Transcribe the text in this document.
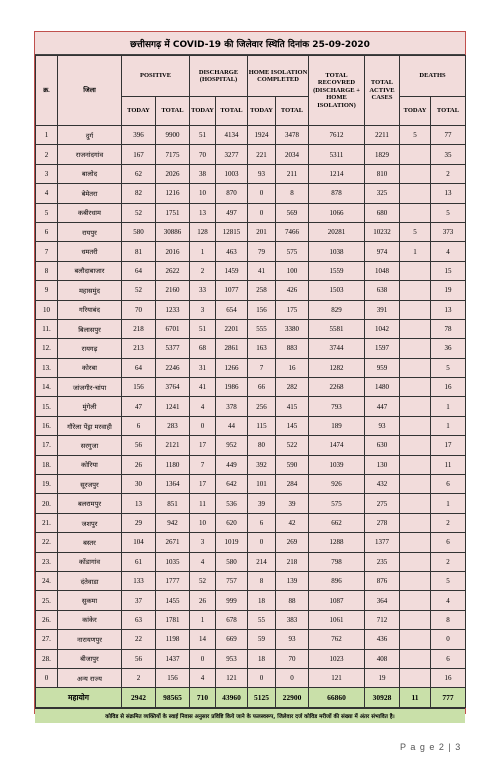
छत्तीसगढ़ में COVID-19 की जिलेवार स्थिति दिनांक 25-09-2020
क्र.	जिला	POSITIVE		DISCHARGE (HOSPITAL)		HOME ISOLATION COMPLETED		TOTAL RECOVRED (DISCHARGE + HOME ISOLATION)	TOTAL ACTIVE CASES	DEATHS	
		TODAY	TOTAL	TODAY	TOTAL	TODAY	TOTAL			TODAY	TOTAL
1	दुर्ग	396	9900	51	4134	1924	3478	7612	2211	5	77
2	राजनांदगांव	167	7175	70	3277	221	2034	5311	1829		35
3	बालोद	62	2026	38	1003	93	211	1214	810		2
4	बेमेतरा	82	1216	10	870	0	8	878	325		13
5	कबीरधाम	52	1751	13	497	0	569	1066	680		5
6	रायपुर	580	30886	128	12815	201	7466	20281	10232	5	373
7	धमतरी	81	2016	1	463	79	575	1038	974	1	4
8	बलौदाबाजार	64	2622	2	1459	41	100	1559	1048		15
9	महासमुंद	52	2160	33	1077	258	426	1503	638		19
10	गरियाबंद	70	1233	3	654	156	175	829	391		13
11.	बिलासपुर	218	6701	51	2201	555	3380	5581	1042		78
12.	रायगढ़	213	5377	68	2861	163	883	3744	1597		36
13.	कोरबा	64	2246	31	1266	7	16	1282	959		5
14.	जांजगीर-चांपा	156	3764	41	1986	66	282	2268	1480		16
15.	मुंगेली	47	1241	4	378	256	415	793	447		1
16.	गौरेला पेंड्रा मरवाही	6	283	0	44	115	145	189	93		1
17.	सरगुजा	56	2121	17	952	80	522	1474	630		17
18.	कोरिया	26	1180	7	449	392	590	1039	130		11
19.	सूरजपुर	30	1364	17	642	101	284	926	432		6
20.	बलरामपुर	13	851	11	536	39	39	575	275		1
21.	जशपुर	29	942	10	620	6	42	662	278		2
22.	बस्तर	104	2671	3	1019	0	269	1288	1377		6
23.	कोंडागांव	61	1035	4	580	214	218	798	235		2
24.	दंतेवाडा	133	1777	52	757	8	139	896	876		5
25.	सुकमा	37	1455	26	999	18	88	1087	364		4
26.	कांकेर	63	1781	1	678	55	383	1061	712		8
27.	नारायणपुर	22	1198	14	669	59	93	762	436		0
28.	बीजापुर	56	1437	0	953	18	70	1023	408		6
0	अन्य राज्य	2	156	4	121	0	0	121	19		16
महायोग		2942	98565	710	43960	5125	22900	66860	30928	11	777
कोविड से संक्रमित व्यक्तियों के स्वाई निवास अनुसार प्रविष्टि किये जाने के फलस्वरूप, जिलेवार दर्ज कोविड मरीजों की संख्या में अंतर संभावित है।
P a g e 2 | 3
